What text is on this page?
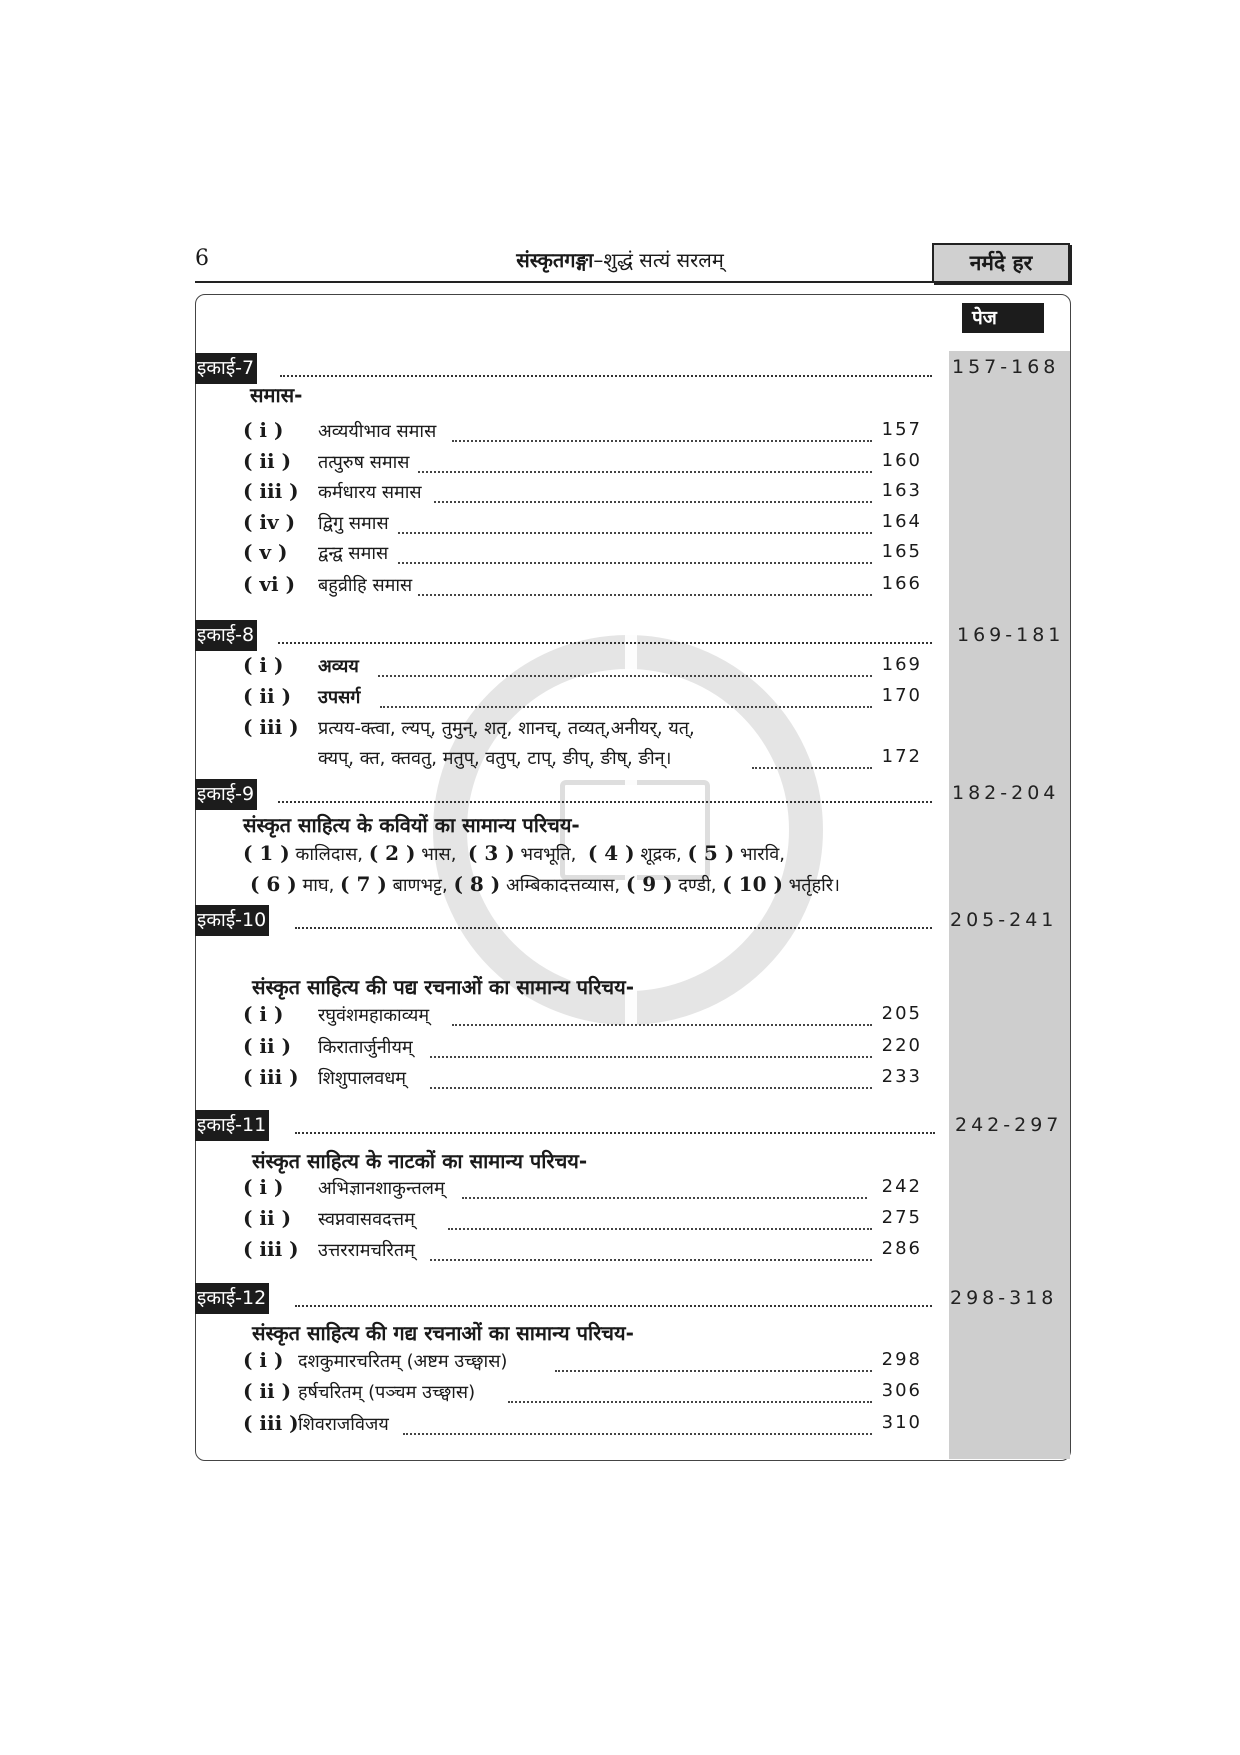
6	संस्कृतगङ्गा–शुद्धं सत्यं सरलम्	नर्मदे हर
पेज
इकाई-7	157-168
समास-
( i ) अव्ययीभाव समास	157
( ii ) तत्पुरुष समास	160
( iii ) कर्मधारय समास	163
( iv ) द्विगु समास	164
( v ) द्वन्द्व समास	165
( vi ) बहुव्रीहि समास	166
इकाई-8	169-181
( i ) अव्यय	169
( ii ) उपसर्ग	170
( iii ) प्रत्यय-क्त्वा, ल्यप्, तुमुन्, शतृ, शानच्, तव्यत्,अनीयर्, यत्,
क्यप्, क्त, क्तवतु, मतुप्, वतुप्, टाप्, ङीप्, ङीष्, ङीन्।	172
इकाई-9	182-204
संस्कृत साहित्य के कवियों का सामान्य परिचय-
( 1 ) कालिदास, ( 2 ) भास, ( 3 ) भवभूति, ( 4 ) शूद्रक, ( 5 ) भारवि,
( 6 ) माघ, ( 7 ) बाणभट्ट, ( 8 ) अम्बिकादत्तव्यास, ( 9 ) दण्डी, ( 10 ) भर्तृहरि।
इकाई-10	205-241
संस्कृत साहित्य की पद्य रचनाओं का सामान्य परिचय-
( i ) रघुवंशमहाकाव्यम्	205
( ii ) किरातार्जुनीयम्	220
( iii ) शिशुपालवधम्	233
इकाई-11	242-297
संस्कृत साहित्य के नाटकों का सामान्य परिचय-
( i ) अभिज्ञानशाकुन्तलम्	242
( ii ) स्वप्नवासवदत्तम्	275
( iii ) उत्तररामचरितम्	286
इकाई-12	298-318
संस्कृत साहित्य की गद्य रचनाओं का सामान्य परिचय-
( i ) दशकुमारचरितम् (अष्टम उच्छ्वास)	298
( ii ) हर्षचरितम् (पञ्चम उच्छ्वास)	306
( iii ) शिवराजविजय	310
